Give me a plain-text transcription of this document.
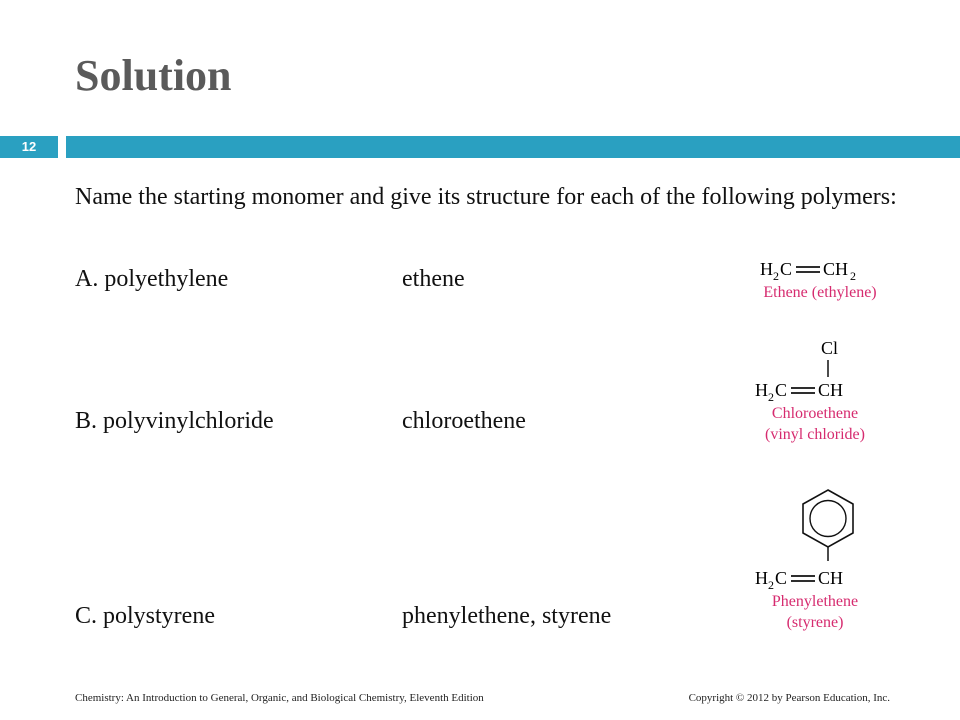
Solution
12
Name the starting monomer and give its structure for each of the following polymers:
A. polyethylene	ethene
B. polyvinylchloride	chloroethene
C. polystyrene	phenylethene, styrene
H 2 C CH 2
Ethene (ethylene)
Cl
H 2 C CH
Chloroethene
(vinyl chloride)
H 2 C CH
Phenylethene
(styrene)
Chemistry: An Introduction to General, Organic, and Biological Chemistry, Eleventh Edition	Copyright © 2012 by Pearson Education, Inc.
